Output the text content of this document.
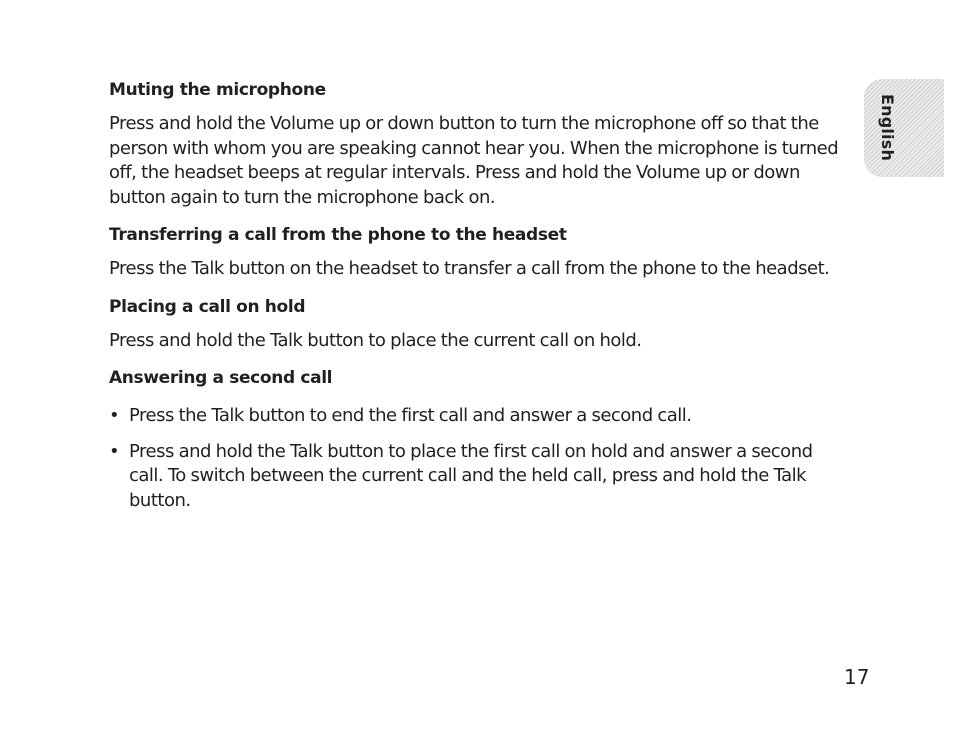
English
Muting the microphone

Press and hold the Volume up or down button to turn the microphone off so that the person with whom you are speaking cannot hear you. When the microphone is turned off, the headset beeps at regular intervals. Press and hold the Volume up or down button again to turn the microphone back on.

Transferring a call from the phone to the headset

Press the Talk button on the headset to transfer a call from the phone to the headset.

Placing a call on hold

Press and hold the Talk button to place the current call on hold.

Answering a second call
• Press the Talk button to end the first call and answer a second call.
• Press and hold the Talk button to place the first call on hold and answer a second call. To switch between the current call and the held call, press and hold the Talk button.
17
